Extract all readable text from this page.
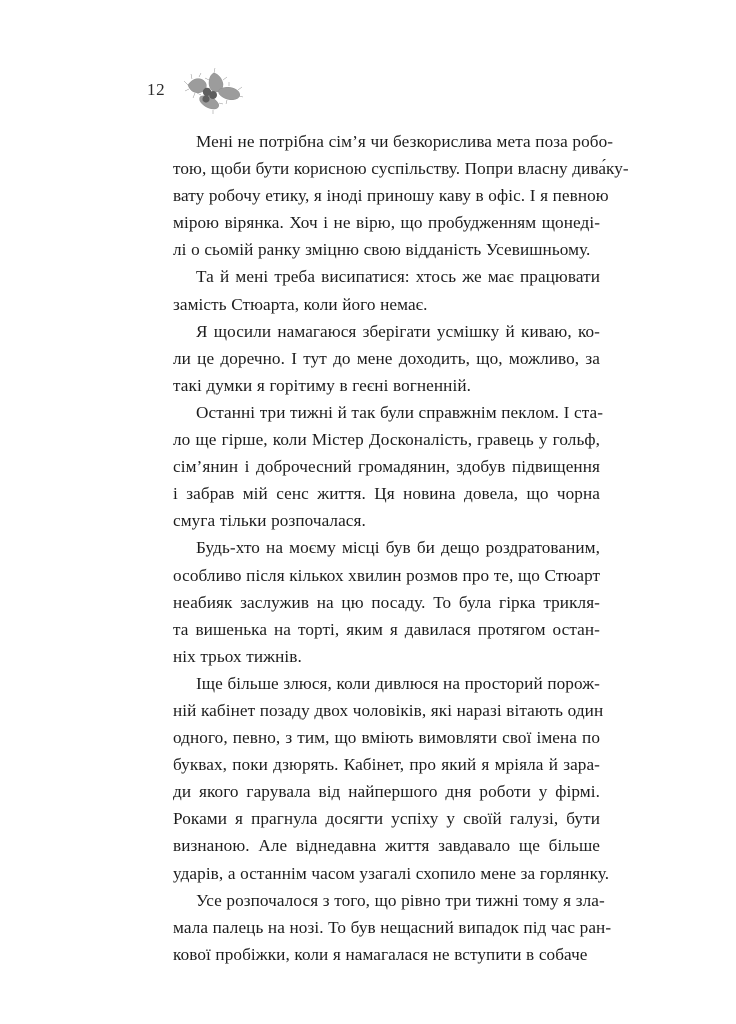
12

Мені не потрібна сім’я чи безкорислива мета поза робо-
тою, щоби бути корисною суспільству. Попри власну дива́ку-
вату робочу етику, я іноді приношу каву в офіс. І я певною
мірою вірянка. Хоч і не вірю, що пробудженням щонеді-
лі о сьомій ранку зміцню свою відданість Усевишньому.

Та й мені треба висипатися: хтось же має працювати
замість Стюарта, коли його немає.

Я щосили намагаюся зберігати усмішку й киваю, ко-
ли це доречно. І тут до мене доходить, що, можливо, за
такі думки я горітиму в геєні вогненній.

Останні три тижні й так були справжнім пеклом. І ста-
ло ще гірше, коли Містер Досконалість, гравець у гольф,
сім’янин і доброчесний громадянин, здобув підвищення
і забрав мій сенс життя. Ця новина довела, що чорна
смуга тільки розпочалася.

Будь-хто на моєму місці був би дещо роздратованим,
особливо після кількох хвилин розмов про те, що Стюарт
неабияк заслужив на цю посаду. То була гірка трикля-
та вишенька на торті, яким я давилася протягом остан-
ніх трьох тижнів.

Іще більше злюся, коли дивлюся на просторий порож-
ній кабінет позаду двох чоловіків, які наразі вітають один
одного, певно, з тим, що вміють вимовляти свої імена по
буквах, поки дзюрять. Кабінет, про який я мріяла й зара-
ди якого гарувала від найпершого дня роботи у фірмі.
Роками я прагнула досягти успіху у своїй галузі, бути
визнаною. Але віднедавна життя завдавало ще більше
ударів, а останнім часом узагалі схопило мене за горлянку.

Усе розпочалося з того, що рівно три тижні тому я зла-
мала палець на нозі. То був нещасний випадок під час ран-
кової пробіжки, коли я намагалася не вступити в собаче
